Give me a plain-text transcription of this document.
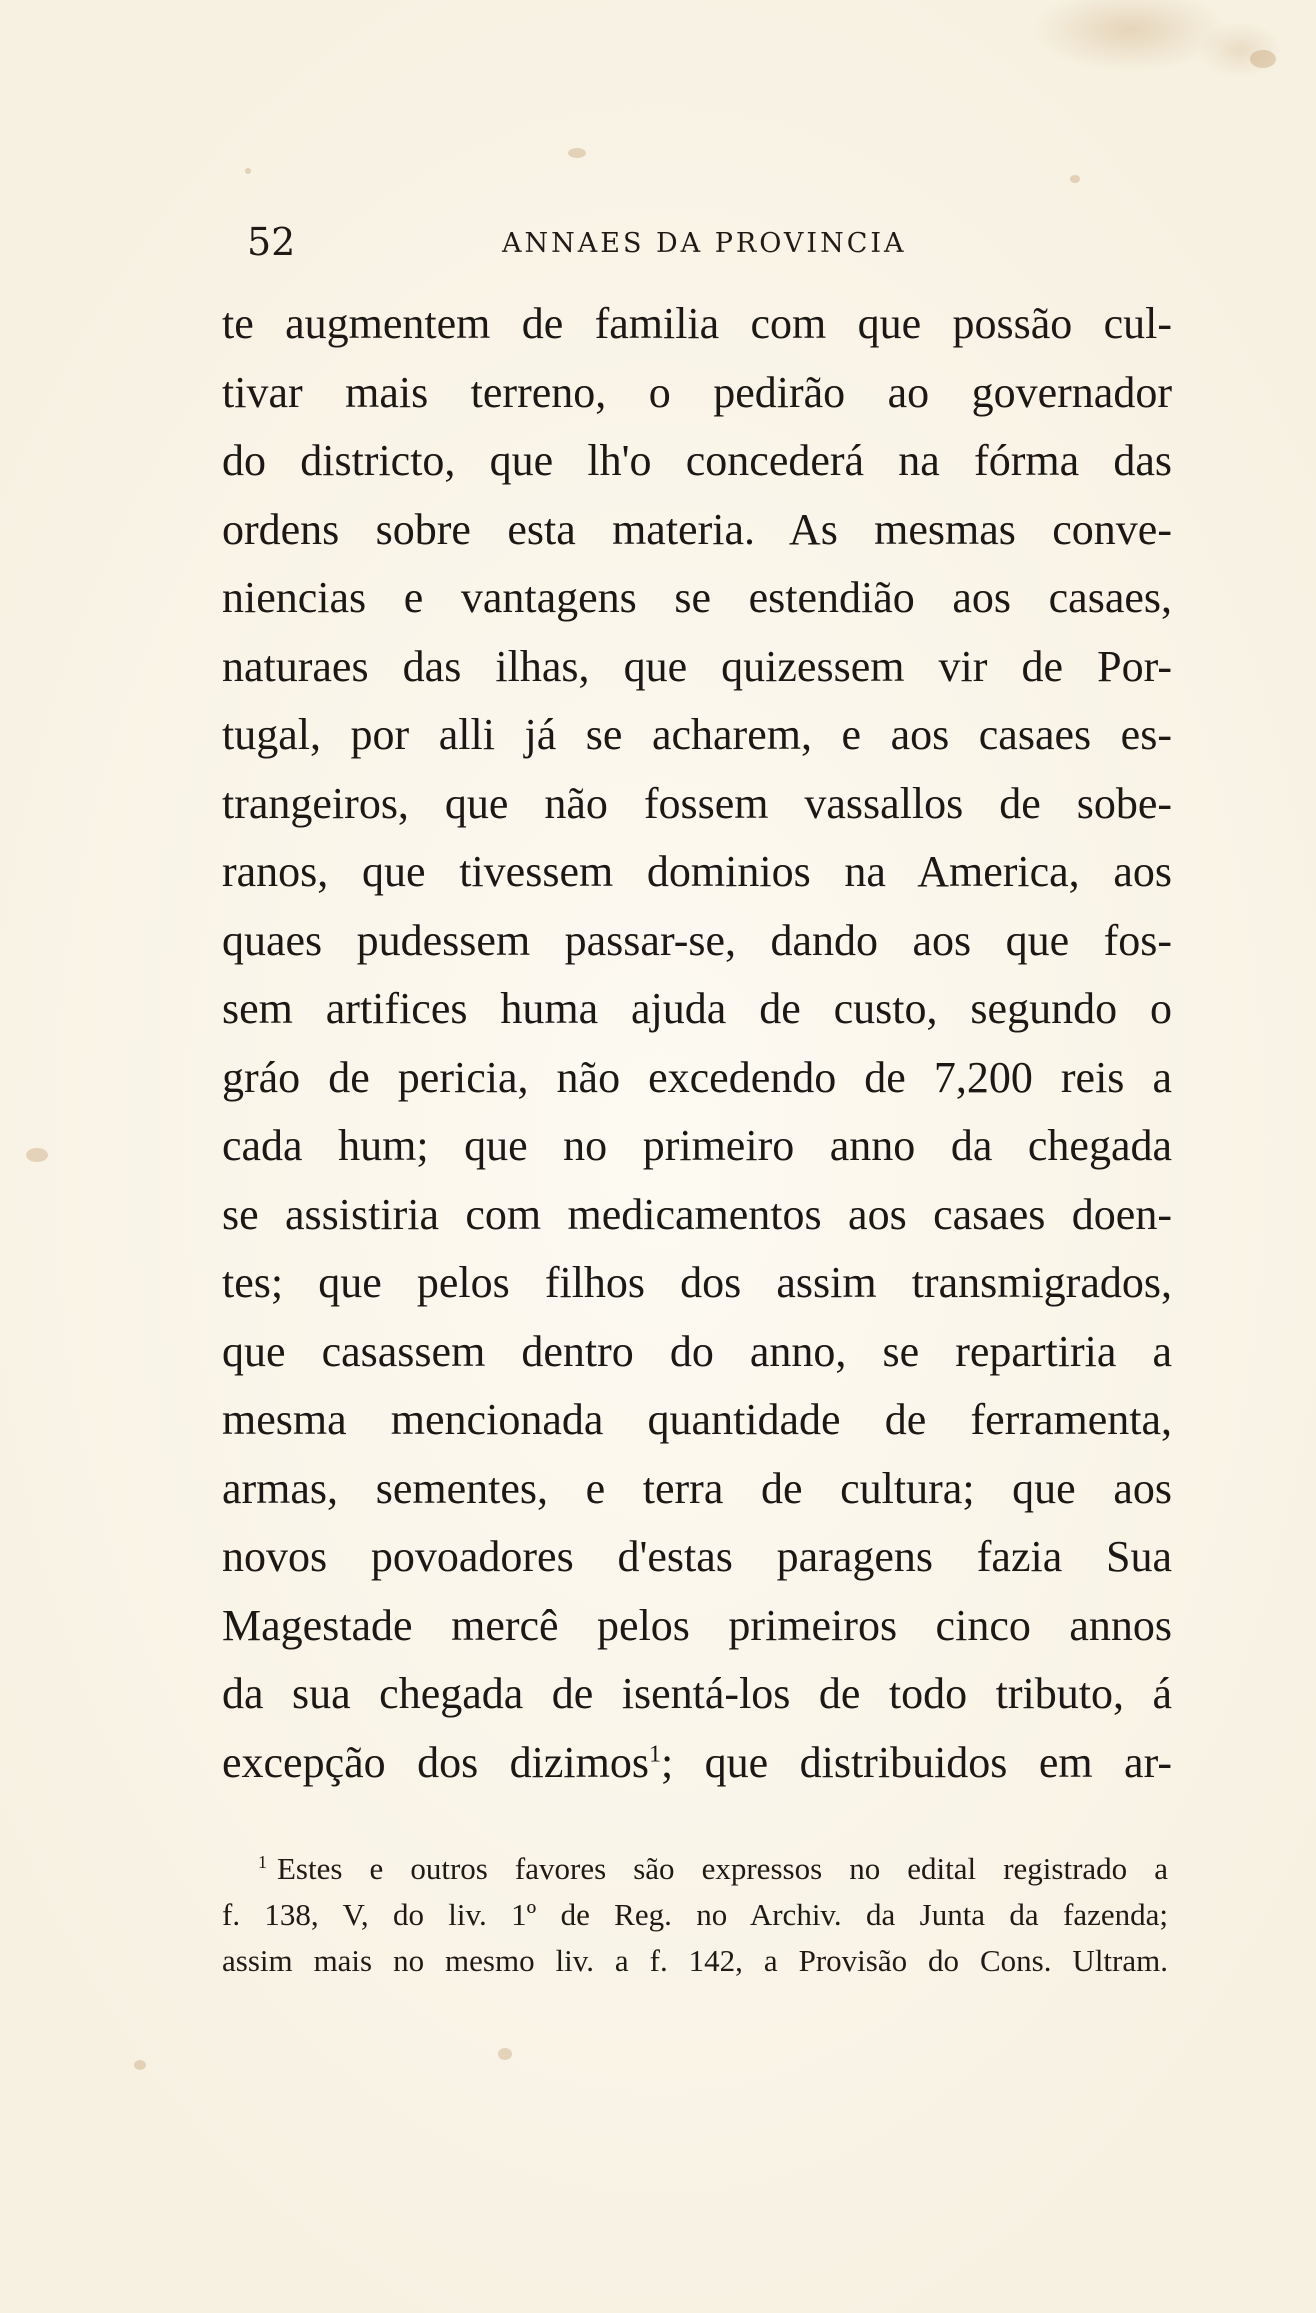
52	ANNAES DA PROVINCIA
te augmentem de familia com que possão cul-
tivar mais terreno, o pedirão ao governador
do districto, que lh'o concederá na fórma das
ordens sobre esta materia. As mesmas conve-
niencias e vantagens se estendião aos casaes,
naturaes das ilhas, que quizessem vir de Por-
tugal, por alli já se acharem, e aos casaes es-
trangeiros, que não fossem vassallos de sobe-
ranos, que tivessem dominios na America, aos
quaes pudessem passar-se, dando aos que fos-
sem artifices huma ajuda de custo, segundo o
gráo de pericia, não excedendo de 7,200 reis a
cada hum; que no primeiro anno da chegada
se assistiria com medicamentos aos casaes doen-
tes; que pelos filhos dos assim transmigrados,
que casassem dentro do anno, se repartiria a
mesma mencionada quantidade de ferramenta,
armas, sementes, e terra de cultura; que aos
novos povoadores d'estas paragens fazia Sua
Magestade mercê pelos primeiros cinco annos
da sua chegada de isentá-los de todo tributo, á
excepção dos dizimos$^1$; que distribuidos em ar-
$^1$ Estes e outros favores são expressos no edital registrado a
f. 138, V, do liv. 1º de Reg. no Archiv. da Junta da fazenda;
assim mais no mesmo liv. a f. 142, a Provisão do Cons. Ultram.
